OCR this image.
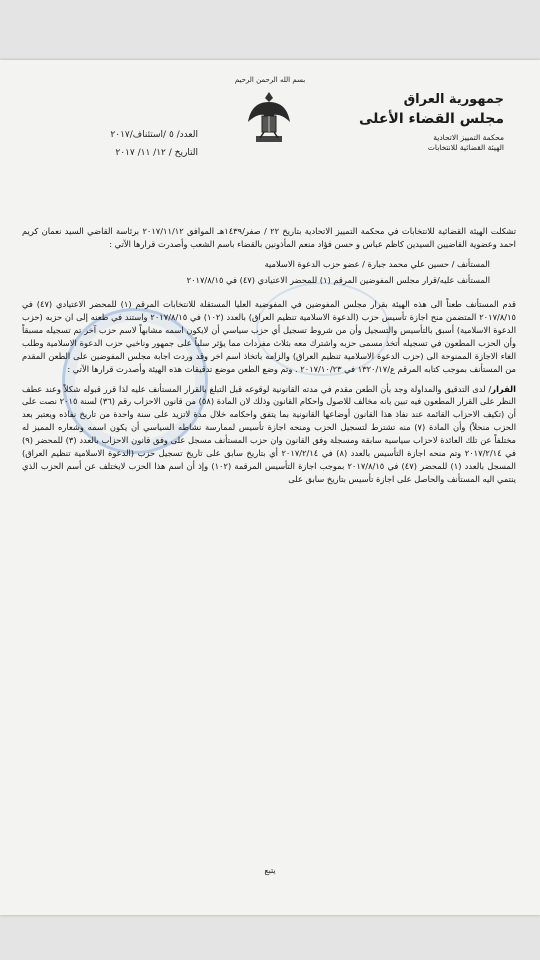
بسم الله الرحمن الرحيم
جمهورية العراق
مجلس القضاء الأعلى
محكمة التمييز الاتحادية
الهيئة القضائية للانتخابات
العدد/ ٥ /استئناف/٢٠١٧
التاريخ / ١٢/ ١١/ ٢٠١٧

تشكلت الهيئة القضائية للانتخابات في محكمة التمييز الاتحادية بتاريخ ٢٢ / صفر/١٤٣٩هـ الموافق ٢٠١٧/١١/١٢ برئاسة القاضي السيد نعمان كريم احمد وعضوية القاضيين السيدين كاظم عباس و حسن فؤاد منعم المأذونين بالقضاء باسم الشعب وأصدرت قرارها الآتي :

المستأنف / حسين علي محمد جبارة / عضو حزب الدعوة الاسلامية

المستأنف عليه/قرار مجلس المفوضين المرقم (١) للمحضر الاعتيادي (٤٧) في ٢٠١٧/٨/١٥

قدم المستأنف طعناً الى هذه الهيئة بقرار مجلس المفوضين في المفوضية العليا المستقلة للانتخابات المرقم (١) للمحضر الاعتيادي (٤٧) في ٢٠١٧/٨/١٥ المتضمن منح اجازة تأسيس حزب (الدعوة الاسلامية تنظيم العراق) بالعدد (١٠٢) في ٢٠١٧/٨/١٥ واستند في طعنه إلى ان حزبه (حزب الدعوة الاسلامية) أسبق بالتأسيس والتسجيل وأن من شروط تسجيل أي حزب سياسي أن لايكون اسمه مشابهاً لاسم حزب آخر تم تسجيله مسبقاً وأن الحزب المطعون في تسجيله أتخذ مسمى حزبه واشترك معه بثلاث مفردات مما يؤثر سلباً على جمهور وناخبي حزب الدعوة الاسلامية وطلب الغاء الاجازة الممنوحة الى (حزب الدعوة الاسلامية تنظيم العراق) والزامه باتخاذ اسم اخر وقد وردت اجابة مجلس المفوضين على الطعن المقدم من المستأنف بموجب كتابه المرقم ع/١٣٢٠/١٧ في ٢٠١٧/١٠/٢٣ . وتم وضع الطعن موضع تدقيقات هذه الهيئة وأصدرت قرارها الآتي :

القرار/ لدى التدقيق والمداولة وجد بأن الطعن مقدم في مدته القانونية لوقوعه قبل التبلغ بالقرار المستأنف عليه لذا قرر قبوله شكلاً وعند عطف النظر على القرار المطعون فيه تبين بانه مخالف للاصول واحكام القانون وذلك لان المادة (٥٨) من قانون الاحزاب رقم (٣٦) لسنة ٢٠١٥ نصت على أن (تكيف الاحزاب القائمة عند نفاذ هذا القانون أوضاعها القانونية بما يتفق واحكامه خلال مدة لاتزيد على سنة واحدة من تاريخ نفاذه ويعتبر بعد الحزب منحلاً) وأن المادة (٧) منه تشترط لتسجيل الحزب ومنحه اجازة تأسيس لممارسة نشاطه السياسي أن يكون اسمه وشعاره المميز له مختلفاً عن تلك العائدة لاحزاب سياسية سابقة ومسجلة وفق القانون وان حزب المستأنف مسجل على وفق قانون الاحزاب بالعدد (٣) للمحضر (٩) في ٢٠١٧/٢/١٤ وتم منحه اجازة التأسيس بالعدد (٨) في ٢٠١٧/٢/١٤ أي بتاريخ سابق على تاريخ تسجيل حزب (الدعوة الاسلامية تنظيم العراق) المسجل بالعدد (١) للمحضر (٤٧) في ٢٠١٧/٨/١٥ بموجب اجازة التأسيس المرقمة (١٠٢) وإذ أن اسم هذا الحزب لايختلف عن أسم الحزب الذي ينتمي اليه المستأنف والحاصل على اجازة تأسيس بتاريخ سابق على

يتبع
